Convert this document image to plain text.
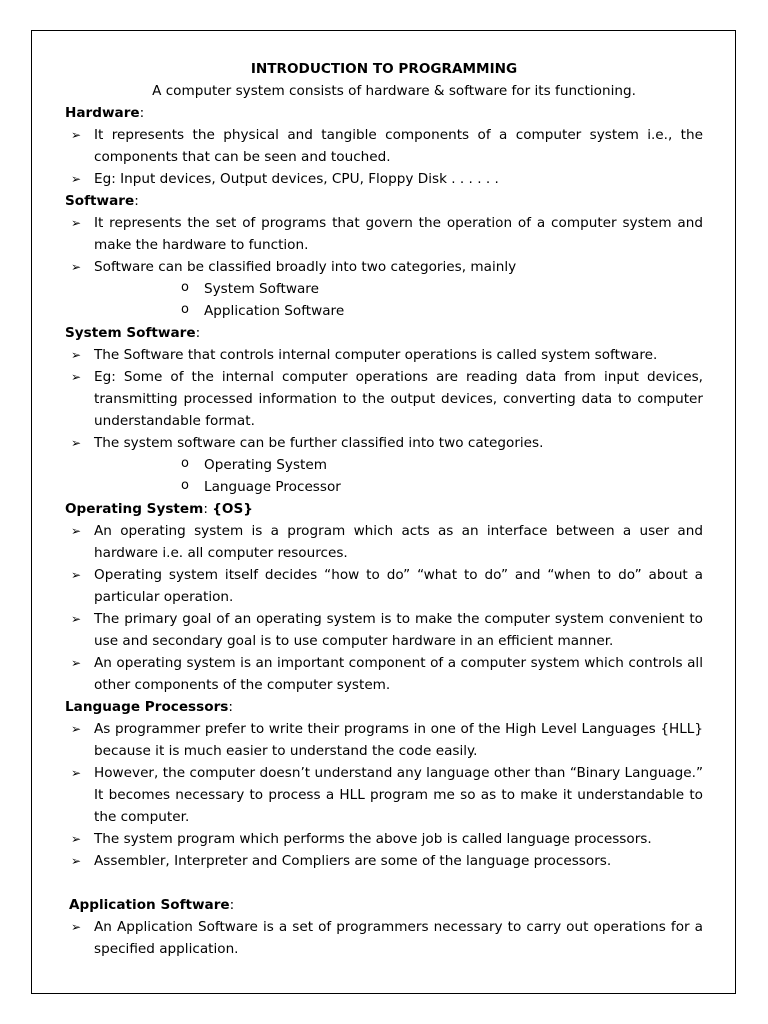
INTRODUCTION TO PROGRAMMING
A computer system consists of hardware & software for its functioning.
Hardware:
➢ It represents the physical and tangible components of a computer system i.e., the components that can be seen and touched.
➢ Eg: Input devices, Output devices, CPU, Floppy Disk . . . . . .
Software:
➢ It represents the set of programs that govern the operation of a computer system and make the hardware to function.
➢ Software can be classified broadly into two categories, mainly
o System Software
o Application Software
System Software:
➢ The Software that controls internal computer operations is called system software.
➢ Eg: Some of the internal computer operations are reading data from input devices, transmitting processed information to the output devices, converting data to computer understandable format.
➢ The system software can be further classified into two categories.
o Operating System
o Language Processor
Operating System: {OS}
➢ An operating system is a program which acts as an interface between a user and hardware i.e. all computer resources.
➢ Operating system itself decides “how to do” “what to do” and “when to do” about a particular operation.
➢ The primary goal of an operating system is to make the computer system convenient to use and secondary goal is to use computer hardware in an efficient manner.
➢ An operating system is an important component of a computer system which controls all other components of the computer system.
Language Processors:
➢ As programmer prefer to write their programs in one of the High Level Languages {HLL} because it is much easier to understand the code easily.
➢ However, the computer doesn’t understand any language other than “Binary Language.” It becomes necessary to process a HLL program me so as to make it understandable to the computer.
➢ The system program which performs the above job is called language processors.
➢ Assembler, Interpreter and Compliers are some of the language processors.
Application Software:
➢ An Application Software is a set of programmers necessary to carry out operations for a specified application.
